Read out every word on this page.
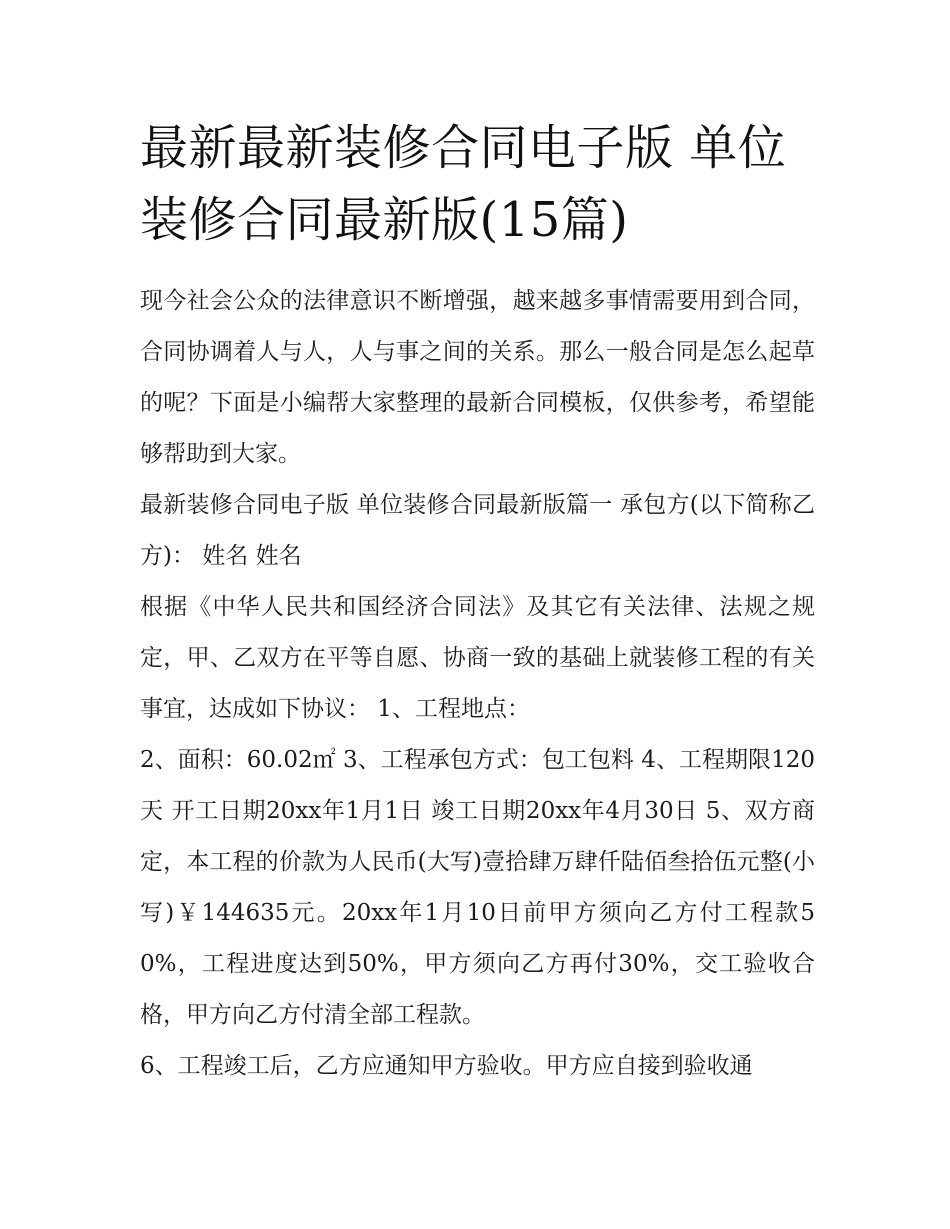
最新最新装修合同电子版 单位装修合同最新版(15篇)

现今社会公众的法律意识不断增强，越来越多事情需要用到合同，合同协调着人与人，人与事之间的关系。那么一般合同是怎么起草的呢？下面是小编帮大家整理的最新合同模板，仅供参考，希望能够帮助到大家。

最新装修合同电子版 单位装修合同最新版篇一 承包方(以下简称乙方)： 姓名 姓名

根据《中华人民共和国经济合同法》及其它有关法律、法规之规定，甲、乙双方在平等自愿、协商一致的基础上就装修工程的有关事宜，达成如下协议： 1、工程地点：

2、面积：60.02㎡ 3、工程承包方式：包工包料 4、工程期限120天 开工日期20xx年1月1日 竣工日期20xx年4月30日 5、双方商定，本工程的价款为人民币(大写)壹拾肆万肆仟陆佰叁拾伍元整(小写)￥144635元。20xx年1月10日前甲方须向乙方付工程款50%，工程进度达到50%，甲方须向乙方再付30%，交工验收合格，甲方向乙方付清全部工程款。

6、工程竣工后，乙方应通知甲方验收。甲方应自接到验收通
